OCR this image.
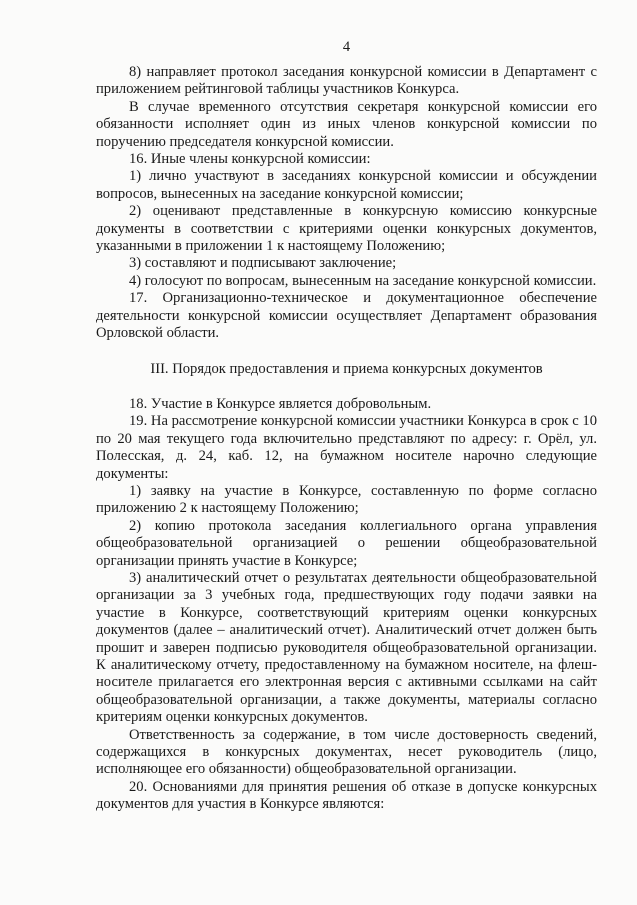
4

8) направляет протокол заседания конкурсной комиссии в Департамент с приложением рейтинговой таблицы участников Конкурса.

В случае временного отсутствия секретаря конкурсной комиссии его обязанности исполняет один из иных членов конкурсной комиссии по поручению председателя конкурсной комиссии.

16. Иные члены конкурсной комиссии:

1) лично участвуют в заседаниях конкурсной комиссии и обсуждении вопросов, вынесенных на заседание конкурсной комиссии;

2) оценивают представленные в конкурсную комиссию конкурсные документы в соответствии с критериями оценки конкурсных документов, указанными в приложении 1 к настоящему Положению;

3) составляют и подписывают заключение;

4) голосуют по вопросам, вынесенным на заседание конкурсной комиссии.

17. Организационно-техническое и документационное обеспечение деятельности конкурсной комиссии осуществляет Департамент образования Орловской области.

III. Порядок предоставления и приема конкурсных документов

18. Участие в Конкурсе является добровольным.

19. На рассмотрение конкурсной комиссии участники Конкурса в срок с 10 по 20 мая текущего года включительно представляют по адресу: г. Орёл, ул. Полесская, д. 24, каб. 12, на бумажном носителе нарочно следующие документы:

1) заявку на участие в Конкурсе, составленную по форме согласно приложению 2 к настоящему Положению;

2) копию протокола заседания коллегиального органа управления общеобразовательной организацией о решении общеобразовательной организации принять участие в Конкурсе;

3) аналитический отчет о результатах деятельности общеобразовательной организации за 3 учебных года, предшествующих году подачи заявки на участие в Конкурсе, соответствующий критериям оценки конкурсных документов (далее – аналитический отчет). Аналитический отчет должен быть прошит и заверен подписью руководителя общеобразовательной организации. К аналитическому отчету, предоставленному на бумажном носителе, на флеш-носителе прилагается его электронная версия с активными ссылками на сайт общеобразовательной организации, а также документы, материалы согласно критериям оценки конкурсных документов.

Ответственность за содержание, в том числе достоверность сведений, содержащихся в конкурсных документах, несет руководитель (лицо, исполняющее его обязанности) общеобразовательной организации.

20. Основаниями для принятия решения об отказе в допуске конкурсных документов для участия в Конкурсе являются:
